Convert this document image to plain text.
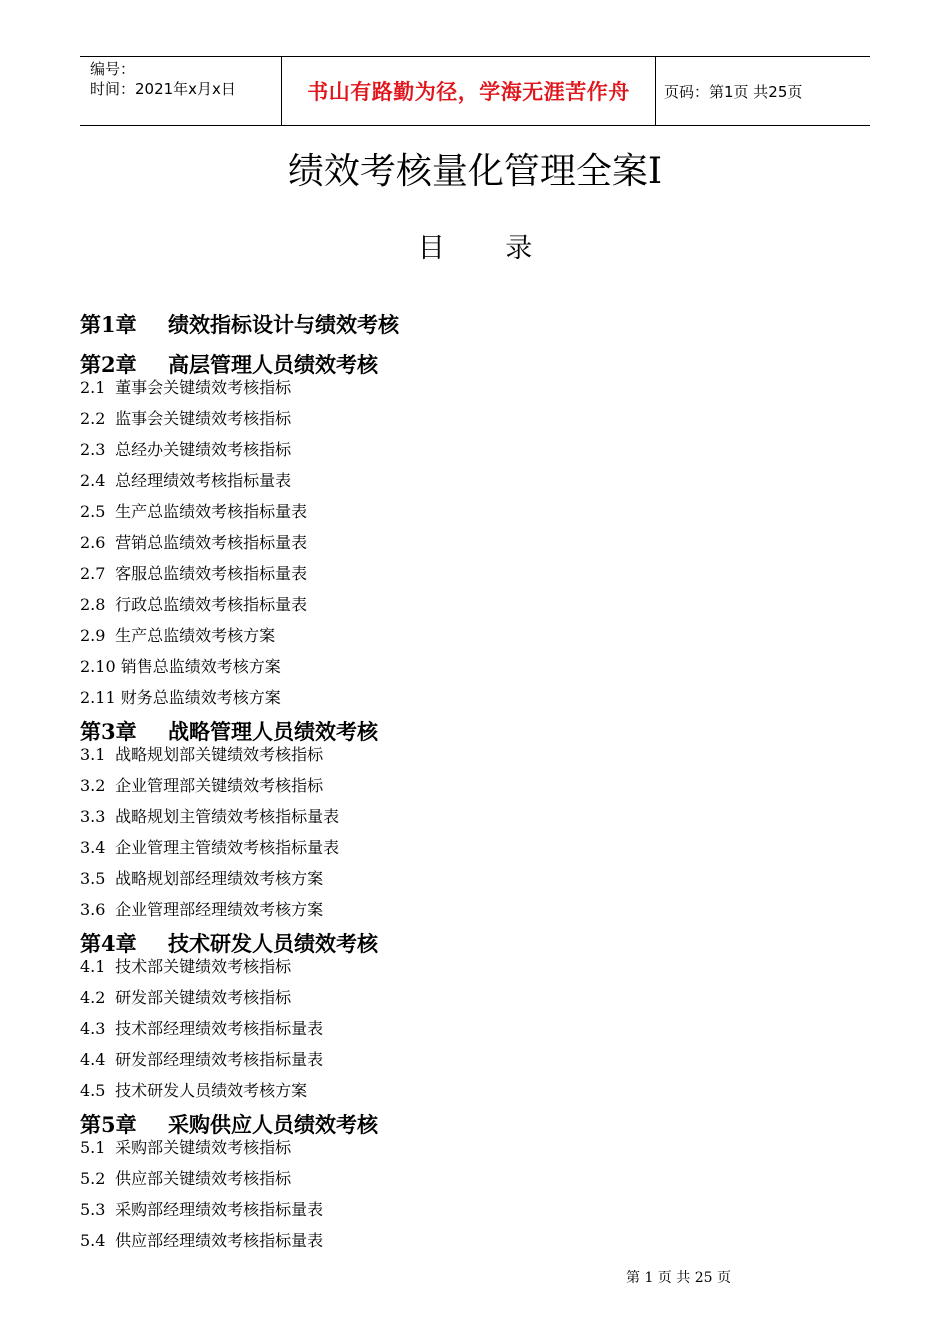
编号：
时间：2021年x月x日	书山有路勤为径，学海无涯苦作舟	页码：第1页 共25页
绩效考核量化管理全案Ⅰ
目 录
第1章 绩效指标设计与绩效考核
第2章 高层管理人员绩效考核
2.1 董事会关键绩效考核指标
2.2 监事会关键绩效考核指标
2.3 总经办关键绩效考核指标
2.4 总经理绩效考核指标量表
2.5 生产总监绩效考核指标量表
2.6 营销总监绩效考核指标量表
2.7 客服总监绩效考核指标量表
2.8 行政总监绩效考核指标量表
2.9 生产总监绩效考核方案
2.10 销售总监绩效考核方案
2.11 财务总监绩效考核方案
第3章 战略管理人员绩效考核
3.1 战略规划部关键绩效考核指标
3.2 企业管理部关键绩效考核指标
3.3 战略规划主管绩效考核指标量表
3.4 企业管理主管绩效考核指标量表
3.5 战略规划部经理绩效考核方案
3.6 企业管理部经理绩效考核方案
第4章 技术研发人员绩效考核
4.1 技术部关键绩效考核指标
4.2 研发部关键绩效考核指标
4.3 技术部经理绩效考核指标量表
4.4 研发部经理绩效考核指标量表
4.5 技术研发人员绩效考核方案
第5章 采购供应人员绩效考核
5.1 采购部关键绩效考核指标
5.2 供应部关键绩效考核指标
5.3 采购部经理绩效考核指标量表
5.4 供应部经理绩效考核指标量表
第 1 页 共 25 页
